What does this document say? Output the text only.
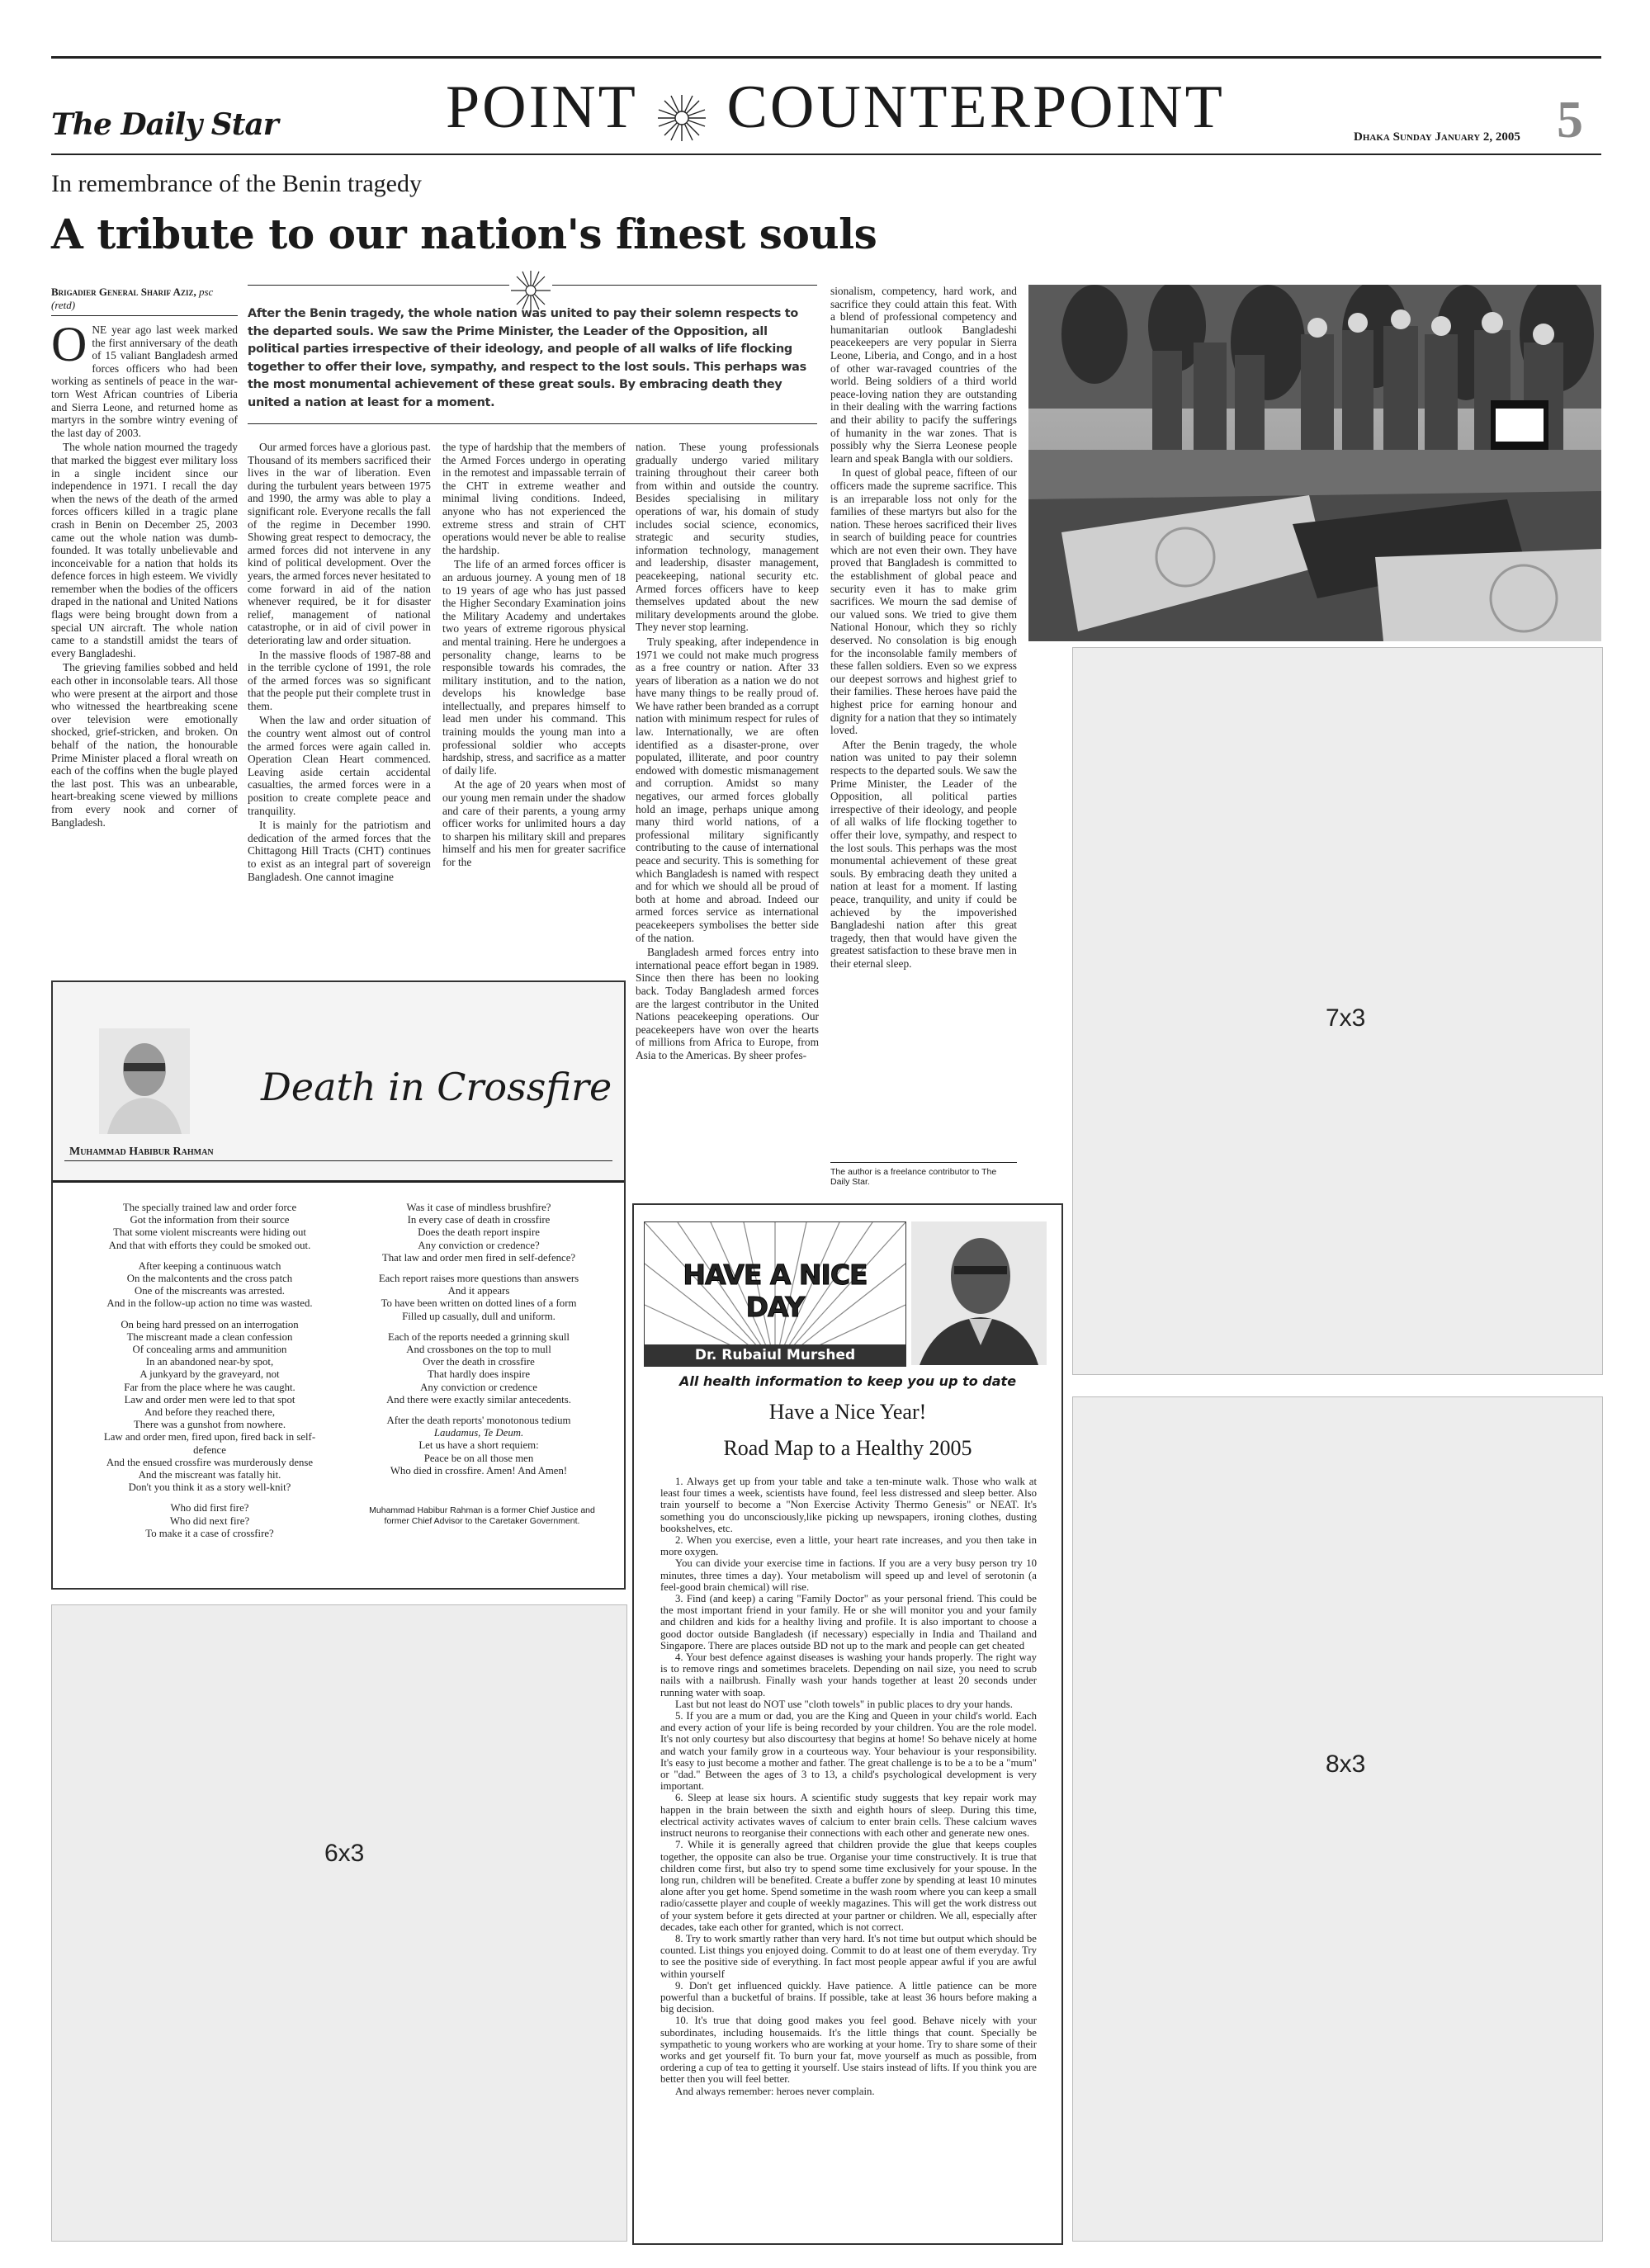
The Daily Star	POINT COUNTERPOINT	Dhaka Sunday January 2, 2005 5
In remembrance of the Benin tragedy
A tribute to our nation's finest souls
Brigadier General Sharif Aziz, psc (retd)
After the Benin tragedy, the whole nation was united to pay their solemn respects to the departed souls. We saw the Prime Minister, the Leader of the Opposition, all political parties irrespective of their ideology, and people of all walks of life flocking together to offer their love, sympathy, and respect to the lost souls. This perhaps was the most monumental achievement of these great souls. By embracing death they united a nation at least for a moment.

ONE year ago last week marked the first anniversary of the death of 15 valiant Bangladesh armed forces officers who had been working as sentinels of peace in the war-torn West African countries of Liberia and Sierra Leone, and returned home as martyrs in the sombre wintry evening of the last day of 2003.

The whole nation mourned the tragedy that marked the biggest ever military loss in a single incident since our independence in 1971. I recall the day when the news of the death of the armed forces officers killed in a tragic plane crash in Benin on December 25, 2003 came out the whole nation was dumb-founded. It was totally unbelievable and inconceivable for a nation that holds its defence forces in high esteem. We vividly remember when the bodies of the officers draped in the national and United Nations flags were being brought down from a special UN aircraft. The whole nation came to a standstill amidst the tears of every Bangladeshi.

The grieving families sobbed and held each other in inconsolable tears. All those who were present at the airport and those who witnessed the heartbreaking scene over television were emotionally shocked, grief-stricken, and broken. On behalf of the nation, the honourable Prime Minister placed a floral wreath on each of the coffins when the bugle played the last post. This was an unbearable, heart-breaking scene viewed by millions from every nook and corner of Bangladesh.

Our armed forces have a glorious past. Thousand of its members sacrificed their lives in the war of liberation. Even during the turbulent years between 1975 and 1990, the army was able to play a significant role. Everyone recalls the fall of the regime in December 1990. Showing great respect to democracy, the armed forces did not intervene in any kind of political development. Over the years, the armed forces never hesitated to come forward in aid of the nation whenever required, be it for disaster relief, management of national catastrophe, or in aid of civil power in deteriorating law and order situation.

In the massive floods of 1987-88 and in the terrible cyclone of 1991, the role of the armed forces was so significant that the people put their complete trust in them.

When the law and order situation of the country went almost out of control the armed forces were again called in. Operation Clean Heart commenced. Leaving aside certain accidental casualties, the armed forces were in a position to create complete peace and tranquility.

It is mainly for the patriotism and dedication of the armed forces that the Chittagong Hill Tracts (CHT) continues to exist as an integral part of sovereign Bangladesh. One cannot imagine

the type of hardship that the members of the Armed Forces undergo in operating in the remotest and impassable terrain of the CHT in extreme weather and minimal living conditions. Indeed, anyone who has not experienced the extreme stress and strain of CHT operations would never be able to realise the hardship.

The life of an armed forces officer is an arduous journey. A young men of 18 to 19 years of age who has just passed the Higher Secondary Examination joins the Military Academy and undertakes two years of extreme rigorous physical and mental training. Here he undergoes a personality change, learns to be responsible towards his comrades, the military institution, and to the nation, develops his knowledge base intellectually, and prepares himself to lead men under his command. This training moulds the young man into a professional soldier who accepts hardship, stress, and sacrifice as a matter of daily life.

At the age of 20 years when most of our young men remain under the shadow and care of their parents, a young army officer works for unlimited hours a day to sharpen his military skill and prepares himself and his men for greater sacrifice for the

nation. These young professionals gradually undergo varied military training throughout their career both from within and outside the country. Besides specialising in military operations of war, his domain of study includes social science, economics, strategic and security studies, information technology, management and leadership, disaster management, peacekeeping, national security etc. Armed forces officers have to keep themselves updated about the new military developments around the globe. They never stop learning.

Truly speaking, after independence in 1971 we could not make much progress as a free country or nation. After 33 years of liberation as a nation we do not have many things to be really proud of. We have rather been branded as a corrupt nation with minimum respect for rules of law. Internationally, we are often identified as a disaster-prone, over populated, illiterate, and poor country endowed with domestic mismanagement and corruption. Amidst so many negatives, our armed forces globally hold an image, perhaps unique among many third world nations, of a professional military significantly contributing to the cause of international peace and security. This is something for which Bangladesh is named with respect and for which we should all be proud of both at home and abroad. Indeed our armed forces service as international peacekeepers symbolises the better side of the nation.

Bangladesh armed forces entry into international peace effort began in 1989. Since then there has been no looking back. Today Bangladesh armed forces are the largest contributor in the United Nations peacekeeping operations. Our peacekeepers have won over the hearts of millions from Africa to Europe, from Asia to the Americas. By sheer profes-

sionalism, competency, hard work, and sacrifice they could attain this feat. With a blend of professional competency and humanitarian outlook Bangladeshi peacekeepers are very popular in Sierra Leone, Liberia, and Congo, and in a host of other war-ravaged countries of the world. Being soldiers of a third world peace-loving nation they are outstanding in their dealing with the warring factions and their ability to pacify the sufferings of humanity in the war zones. That is possibly why the Sierra Leonese people learn and speak Bangla with our soldiers.

In quest of global peace, fifteen of our officers made the supreme sacrifice. This is an irreparable loss not only for the families of these martyrs but also for the nation. These heroes sacrificed their lives in search of building peace for countries which are not even their own. They have proved that Bangladesh is committed to the establishment of global peace and security even it has to make grim sacrifices. We mourn the sad demise of our valued sons. We tried to give them National Honour, which they so richly deserved. No consolation is big enough for the inconsolable family members of these fallen soldiers. Even so we express our deepest sorrows and highest grief to their families. These heroes have paid the highest price for earning honour and dignity for a nation that they so intimately loved.

After the Benin tragedy, the whole nation was united to pay their solemn respects to the departed souls. We saw the Prime Minister, the Leader of the Opposition, all political parties irrespective of their ideology, and people of all walks of life flocking together to offer their love, sympathy, and respect to the lost souls. This perhaps was the most monumental achievement of these great souls. By embracing death they united a nation at least for a moment. If lasting peace, tranquility, and unity if could be achieved by the impoverished Bangladeshi nation after this great tragedy, then that would have given the greatest satisfaction to these brave men in their eternal sleep.

The author is a freelance contributor to The Daily Star.
7x3
8x3
6x3
Death in Crossfire
Muhammad Habibur Rahman
The specially trained law and order force
Got the information from their source
That some violent miscreants were hiding out
And that with efforts they could be smoked out.
After keeping a continuous watch
On the malcontents and the cross patch
One of the miscreants was arrested.
And in the follow-up action no time was wasted.
On being hard pressed on an interrogation
The miscreant made a clean confession
Of concealing arms and ammunition
In an abandoned near-by spot,
A junkyard by the graveyard, not
Far from the place where he was caught.
Law and order men were led to that spot
And before they reached there,
There was a gunshot from nowhere.
Law and order men, fired upon, fired back in self-
defence
And the ensued crossfire was murderously dense
And the miscreant was fatally hit.
Don't you think it as a story well-knit?
Who did first fire?
Who did next fire?
To make it a case of crossfire?
Was it case of mindless brushfire?
In every case of death in crossfire
Does the death report inspire
Any conviction or credence?
That law and order men fired in self-defence?
Each report raises more questions than answers
And it appears
To have been written on dotted lines of a form
Filled up casually, dull and uniform.
Each of the reports needed a grinning skull
And crossbones on the top to mull
Over the death in crossfire
That hardly does inspire
Any conviction or credence
And there were exactly similar antecedents.
After the death reports' monotonous tedium
Laudamus, Te Deum.
Let us have a short requiem:
Peace be on all those men
Who died in crossfire. Amen! And Amen!
Muhammad Habibur Rahman is a former Chief Justice and former Chief Advisor to the Caretaker Government.
HAVE A NICE DAY
Dr. Rubaiul Murshed
All health information to keep you up to date
Have a Nice Year!
Road Map to a Healthy 2005

1. Always get up from your table and take a ten-minute walk. Those who walk at least four times a week, scientists have found, feel less distressed and sleep better. Also train yourself to become a "Non Exercise Activity Thermo Genesis" or NEAT. It's something you do unconsciously,like picking up newspapers, ironing clothes, dusting bookshelves, etc.

2. When you exercise, even a little, your heart rate increases, and you then take in more oxygen.

You can divide your exercise time in factions. If you are a very busy person try 10 minutes, three times a day). Your metabolism will speed up and level of serotonin (a feel-good brain chemical) will rise.

3. Find (and keep) a caring "Family Doctor" as your personal friend. This could be the most important friend in your family. He or she will monitor you and your family and children and kids for a healthy living and profile. It is also important to choose a good doctor outside Bangladesh (if necessary) especially in India and Thailand and Singapore. There are places outside BD not up to the mark and people can get cheated

4. Your best defence against diseases is washing your hands properly. The right way is to remove rings and sometimes bracelets. Depending on nail size, you need to scrub nails with a nailbrush. Finally wash your hands together at least 20 seconds under running water with soap.

Last but not least do NOT use "cloth towels" in public places to dry your hands.

5. If you are a mum or dad, you are the King and Queen in your child's world. Each and every action of your life is being recorded by your children. You are the role model. It's not only courtesy but also discourtesy that begins at home! So behave nicely at home and watch your family grow in a courteous way. Your behaviour is your responsibility. It's easy to just become a mother and father. The great challenge is to be a to be a "mum" or "dad." Between the ages of 3 to 13, a child's psychological development is very important.

6. Sleep at lease six hours. A scientific study suggests that key repair work may happen in the brain between the sixth and eighth hours of sleep. During this time, electrical activity activates waves of calcium to enter brain cells. These calcium waves instruct neurons to reorganise their connections with each other and generate new ones.

7. While it is generally agreed that children provide the glue that keeps couples together, the opposite can also be true. Organise your time constructively. It is true that children come first, but also try to spend some time exclusively for your spouse. In the long run, children will be benefited. Create a buffer zone by spending at least 10 minutes alone after you get home. Spend sometime in the wash room where you can keep a small radio/cassette player and couple of weekly magazines. This will get the work distress out of your system before it gets directed at your partner or children. We all, especially after decades, take each other for granted, which is not correct.

8. Try to work smartly rather than very hard. It's not time but output which should be counted. List things you enjoyed doing. Commit to do at least one of them everyday. Try to see the positive side of everything. In fact most people appear awful if you are awful within yourself

9. Don't get influenced quickly. Have patience. A little patience can be more powerful than a bucketful of brains. If possible, take at least 36 hours before making a big decision.

10. It's true that doing good makes you feel good. Behave nicely with your subordinates, including housemaids. It's the little things that count. Specially be sympathetic to young workers who are working at your home. Try to share some of their works and get yourself fit. To burn your fat, move yourself as much as possible, from ordering a cup of tea to getting it yourself. Use stairs instead of lifts. If you think you are better then you will feel better.

And always remember: heroes never complain.
